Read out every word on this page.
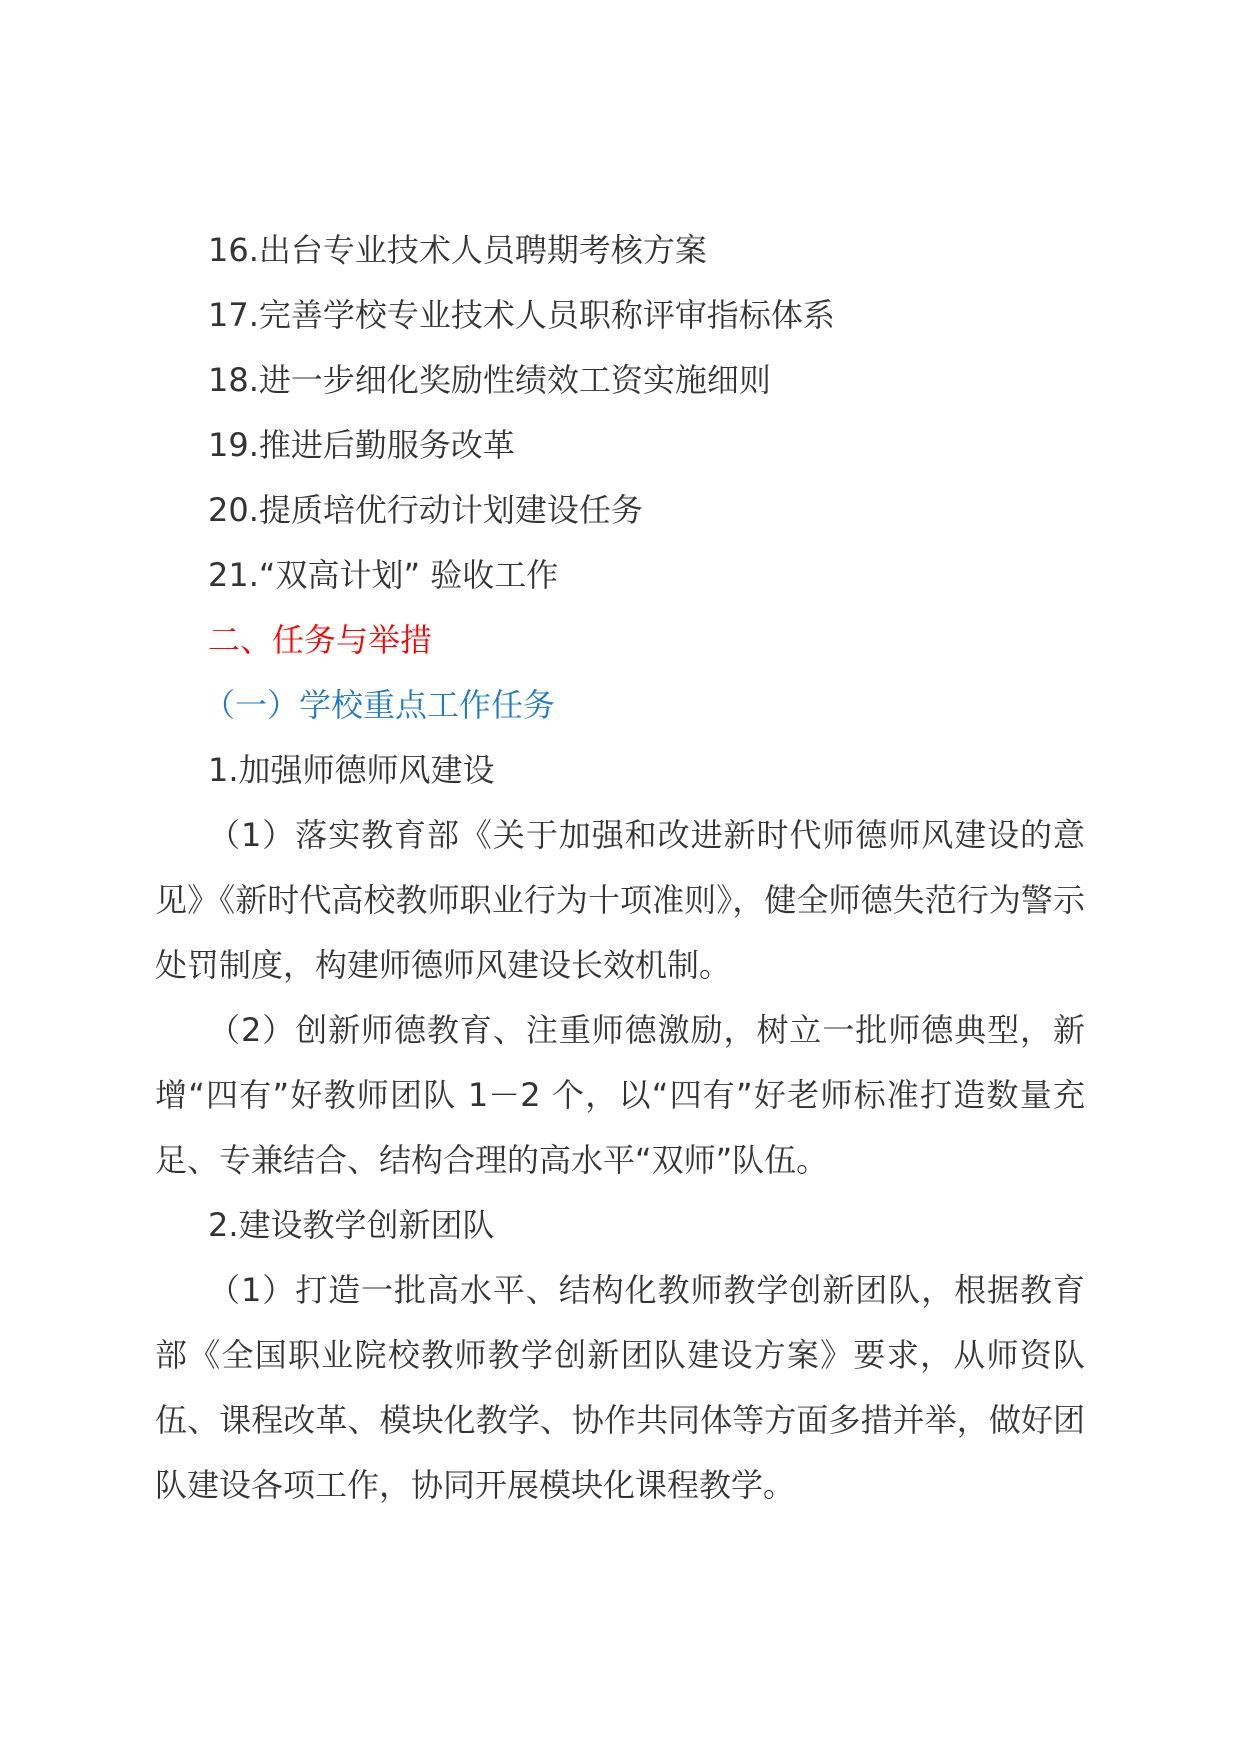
16.出台专业技术人员聘期考核方案

17.完善学校专业技术人员职称评审指标体系

18.进一步细化奖励性绩效工资实施细则

19.推进后勤服务改革

20.提质培优行动计划建设任务

21.“双高计划” 验收工作

二、任务与举措

（一）学校重点工作任务

1.加强师德师风建设

（1）落实教育部《关于加强和改进新时代师德师风建设的意见》《新时代高校教师职业行为十项准则》，健全师德失范行为警示处罚制度，构建师德师风建设长效机制。

（2）创新师德教育、注重师德激励，树立一批师德典型，新增“四有”好教师团队 1－2 个，以“四有”好老师标准打造数量充足、专兼结合、结构合理的高水平“双师”队伍。

2.建设教学创新团队

（1）打造一批高水平、结构化教师教学创新团队，根据教育部《全国职业院校教师教学创新团队建设方案》要求，从师资队伍、课程改革、模块化教学、协作共同体等方面多措并举，做好团队建设各项工作，协同开展模块化课程教学。
